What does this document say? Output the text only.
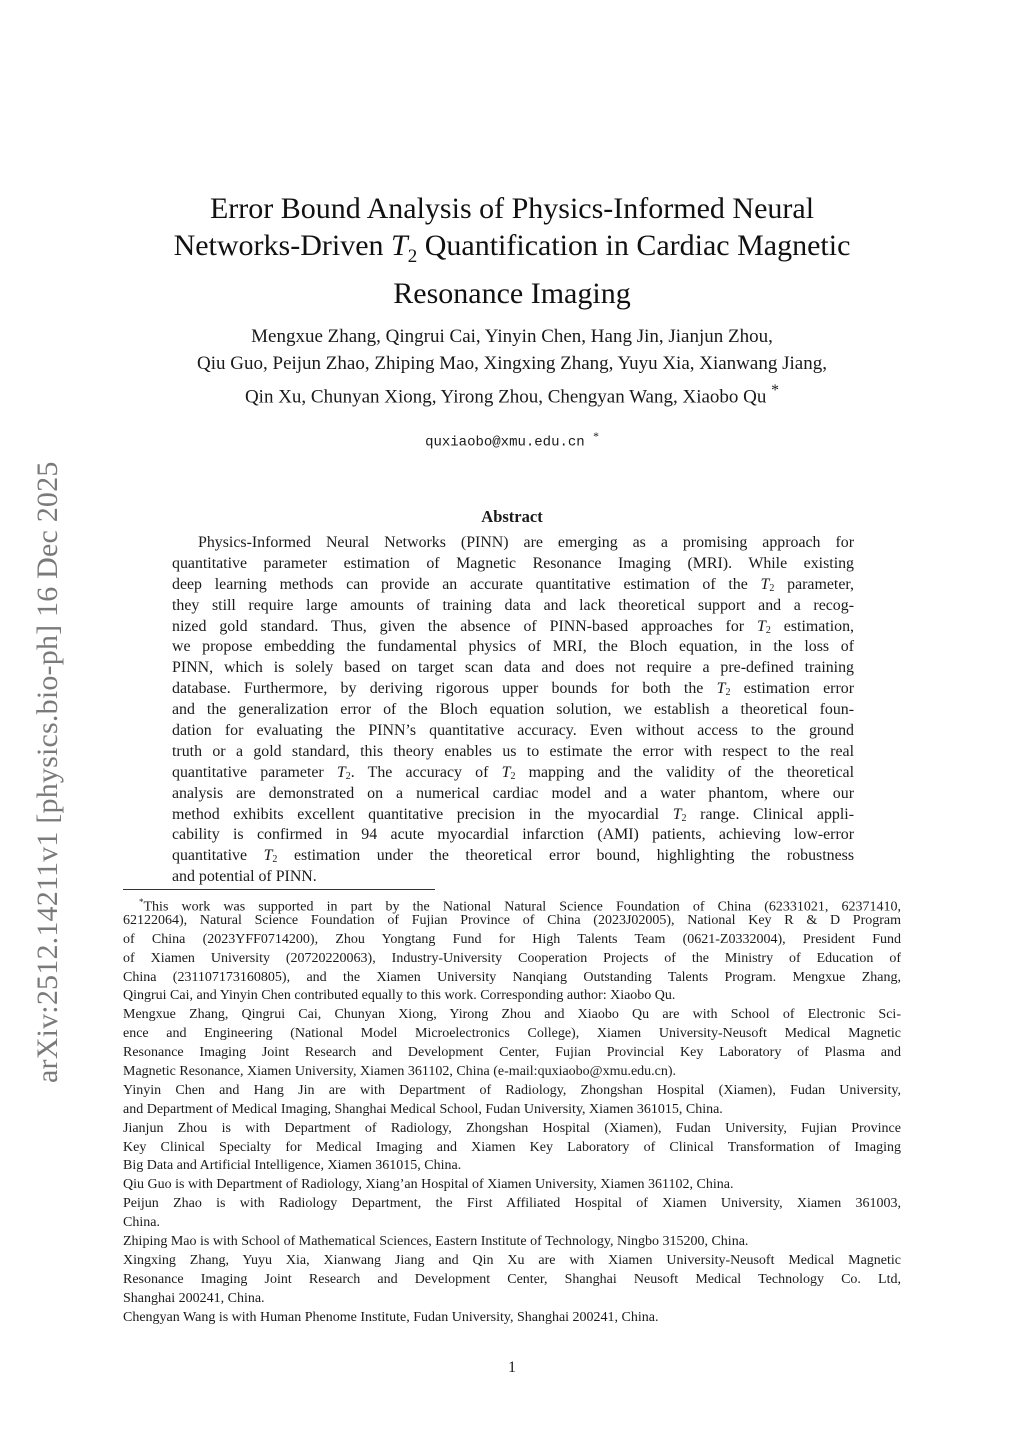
arXiv:2512.14211v1 [physics.bio-ph] 16 Dec 2025
Error Bound Analysis of Physics-Informed Neural
Networks-Driven $T_2$ Quantification in Cardiac Magnetic
Resonance Imaging
Mengxue Zhang, Qingrui Cai, Yinyin Chen, Hang Jin, Jianjun Zhou,
Qiu Guo, Peijun Zhao, Zhiping Mao, Xingxing Zhang, Yuyu Xia, Xianwang Jiang,
Qin Xu, Chunyan Xiong, Yirong Zhou, Chengyan Wang, Xiaobo Qu *
quxiaobo@xmu.edu.cn *
Abstract
Physics-Informed Neural Networks (PINN) are emerging as a promising approach for
quantitative parameter estimation of Magnetic Resonance Imaging (MRI). While existing
deep learning methods can provide an accurate quantitative estimation of the T2 parameter,
they still require large amounts of training data and lack theoretical support and a recog-
nized gold standard. Thus, given the absence of PINN-based approaches for T2 estimation,
we propose embedding the fundamental physics of MRI, the Bloch equation, in the loss of
PINN, which is solely based on target scan data and does not require a pre-defined training
database. Furthermore, by deriving rigorous upper bounds for both the T2 estimation error
and the generalization error of the Bloch equation solution, we establish a theoretical foun-
dation for evaluating the PINN’s quantitative accuracy. Even without access to the ground
truth or a gold standard, this theory enables us to estimate the error with respect to the real
quantitative parameter T2. The accuracy of T2 mapping and the validity of the theoretical
analysis are demonstrated on a numerical cardiac model and a water phantom, where our
method exhibits excellent quantitative precision in the myocardial T2 range. Clinical appli-
cability is confirmed in 94 acute myocardial infarction (AMI) patients, achieving low-error
quantitative T2 estimation under the theoretical error bound, highlighting the robustness
and potential of PINN.
*This work was supported in part by the National Natural Science Foundation of China (62331021, 62371410,
62122064), Natural Science Foundation of Fujian Province of China (2023J02005), National Key R & D Program
of China (2023YFF0714200), Zhou Yongtang Fund for High Talents Team (0621-Z0332004), President Fund
of Xiamen University (20720220063), Industry-University Cooperation Projects of the Ministry of Education of
China (231107173160805), and the Xiamen University Nanqiang Outstanding Talents Program. Mengxue Zhang,
Qingrui Cai, and Yinyin Chen contributed equally to this work. Corresponding author: Xiaobo Qu.
Mengxue Zhang, Qingrui Cai, Chunyan Xiong, Yirong Zhou and Xiaobo Qu are with School of Electronic Sci-
ence and Engineering (National Model Microelectronics College), Xiamen University-Neusoft Medical Magnetic
Resonance Imaging Joint Research and Development Center, Fujian Provincial Key Laboratory of Plasma and
Magnetic Resonance, Xiamen University, Xiamen 361102, China (e-mail:quxiaobo@xmu.edu.cn).
Yinyin Chen and Hang Jin are with Department of Radiology, Zhongshan Hospital (Xiamen), Fudan University,
and Department of Medical Imaging, Shanghai Medical School, Fudan University, Xiamen 361015, China.
Jianjun Zhou is with Department of Radiology, Zhongshan Hospital (Xiamen), Fudan University, Fujian Province
Key Clinical Specialty for Medical Imaging and Xiamen Key Laboratory of Clinical Transformation of Imaging
Big Data and Artificial Intelligence, Xiamen 361015, China.
Qiu Guo is with Department of Radiology, Xiang’an Hospital of Xiamen University, Xiamen 361102, China.
Peijun Zhao is with Radiology Department, the First Affiliated Hospital of Xiamen University, Xiamen 361003,
China.
Zhiping Mao is with School of Mathematical Sciences, Eastern Institute of Technology, Ningbo 315200, China.
Xingxing Zhang, Yuyu Xia, Xianwang Jiang and Qin Xu are with Xiamen University-Neusoft Medical Magnetic
Resonance Imaging Joint Research and Development Center, Shanghai Neusoft Medical Technology Co. Ltd,
Shanghai 200241, China.
Chengyan Wang is with Human Phenome Institute, Fudan University, Shanghai 200241, China.
1
